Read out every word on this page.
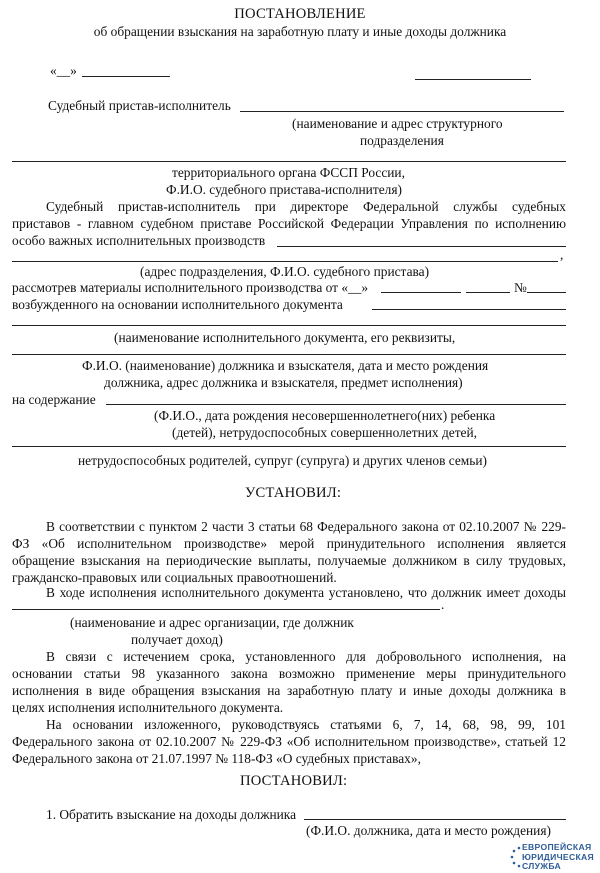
ПОСТАНОВЛЕНИЕ
об обращении взыскания на заработную плату и иные доходы должника
«__»
Судебный пристав-исполнитель
(наименование и адрес структурного
подразделения
территориального органа ФССП России,
Ф.И.О. судебного пристава-исполнителя)
Судебный пристав-исполнитель при директоре Федеральной службы судебных
приставов - главном судебном приставе Российской Федерации Управления по исполнению
особо важных исполнительных производств
,
(адрес подразделения, Ф.И.О. судебного пристава)
рассмотрев материалы исполнительного производства от «__»	№
возбужденного на основании исполнительного документа
(наименование исполнительного документа, его реквизиты,
Ф.И.О. (наименование) должника и взыскателя, дата и место рождения
должника, адрес должника и взыскателя, предмет исполнения)
на содержание
(Ф.И.О., дата рождения несовершеннолетнего(них) ребенка
(детей), нетрудоспособных совершеннолетних детей,
нетрудоспособных родителей, супруг (супруга) и других членов семьи)
УСТАНОВИЛ:
В соответствии с пунктом 2 части 3 статьи 68 Федерального закона от 02.10.2007 № 229-
ФЗ «Об исполнительном производстве» мерой принудительного исполнения является
обращение взыскания на периодические выплаты, получаемые должником в силу трудовых,
гражданско-правовых или социальных правоотношений.
В ходе исполнения исполнительного документа установлено, что должник имеет доходы
.
(наименование и адрес организации, где должник
получает доход)
В связи с истечением срока, установленного для добровольного исполнения, на
основании статьи 98 указанного закона возможно применение меры принудительного
исполнения в виде обращения взыскания на заработную плату и иные доходы должника в
целях исполнения исполнительного документа.
На основании изложенного, руководствуясь статьями 6, 7, 14, 68, 98, 99, 101
Федерального закона от 02.10.2007 № 229-ФЗ «Об исполнительном производстве», статьей 12
Федерального закона от 21.07.1997 № 118-ФЗ «О судебных приставах»,
ПОСТАНОВИЛ:
1. Обратить взыскание на доходы должника
(Ф.И.О. должника, дата и место рождения)
ЕВРОПЕЙСКАЯ
ЮРИДИЧЕСКАЯ
СЛУЖБА
